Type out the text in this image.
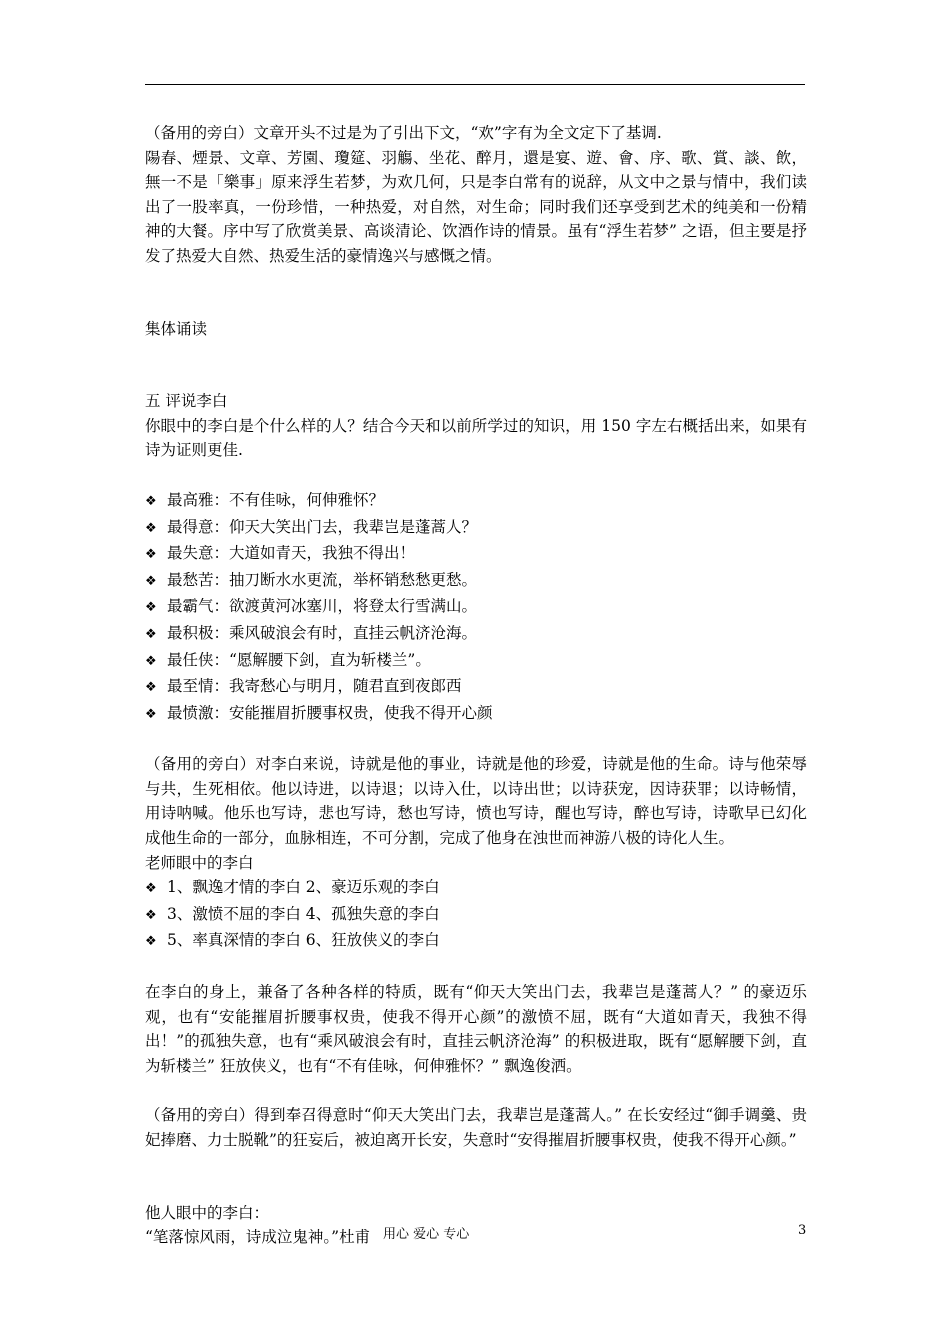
（备用的旁白）文章开头不过是为了引出下文，“欢”字有为全文定下了基调.

陽春、煙景、文章、芳園、瓊筵、羽觴、坐花、醉月，還是宴、遊、會、序、歌、賞、談、飲，無一不是「樂事」原来浮生若梦，为欢几何，只是李白常有的说辞，从文中之景与情中，我们读出了一股率真，一份珍惜，一种热爱，对自然，对生命；同时我们还享受到艺术的纯美和一份精神的大餐。序中写了欣赏美景、高谈清论、饮酒作诗的情景。虽有“浮生若梦” 之语，但主要是抒发了热爱大自然、热爱生活的豪情逸兴与感慨之情。

集体诵读

五 评说李白

你眼中的李白是个什么样的人？结合今天和以前所学过的知识，用 150 字左右概括出来，如果有诗为证则更佳.

❖ 最高雅：不有佳咏，何伸雅怀？
❖ 最得意：仰天大笑出门去，我辈岂是蓬蒿人？
❖ 最失意：大道如青天，我独不得出！
❖ 最愁苦：抽刀断水水更流，举杯销愁愁更愁。
❖ 最霸气：欲渡黄河冰塞川，将登太行雪满山。
❖ 最积极：乘风破浪会有时，直挂云帆济沧海。
❖ 最任侠：“愿解腰下剑，直为斩楼兰”。
❖ 最至情：我寄愁心与明月，随君直到夜郎西
❖ 最愤激：安能摧眉折腰事权贵，使我不得开心颜

（备用的旁白）对李白来说，诗就是他的事业，诗就是他的珍爱，诗就是他的生命。诗与他荣辱与共，生死相依。他以诗进，以诗退；以诗入仕，以诗出世；以诗获宠，因诗获罪；以诗畅情，用诗呐喊。他乐也写诗，悲也写诗，愁也写诗，愤也写诗，醒也写诗，醉也写诗，诗歌早已幻化成他生命的一部分，血脉相连，不可分割，完成了他身在浊世而神游八极的诗化人生。

老师眼中的李白

❖ 1、飘逸才情的李白 2、豪迈乐观的李白
❖ 3、激愤不屈的李白 4、孤独失意的李白
❖ 5、率真深情的李白 6、狂放侠义的李白

在李白的身上，兼备了各种各样的特质，既有“仰天大笑出门去，我辈岂是蓬蒿人？” 的豪迈乐观，也有“安能摧眉折腰事权贵，使我不得开心颜”的激愤不屈，既有“大道如青天，我独不得出！”的孤独失意，也有“乘风破浪会有时，直挂云帆济沧海” 的积极进取，既有“愿解腰下剑，直为斩楼兰” 狂放侠义，也有“不有佳咏，何伸雅怀？” 飘逸俊洒。

（备用的旁白）得到奉召得意时“仰天大笑出门去，我辈岂是蓬蒿人。” 在长安经过“御手调羹、贵妃捧磨、力士脱靴”的狂妄后，被迫离开长安，失意时“安得摧眉折腰事权贵，使我不得开心颜。”

他人眼中的李白：

“笔落惊风雨，诗成泣鬼神。”杜甫 用心 爱心 专心	3
